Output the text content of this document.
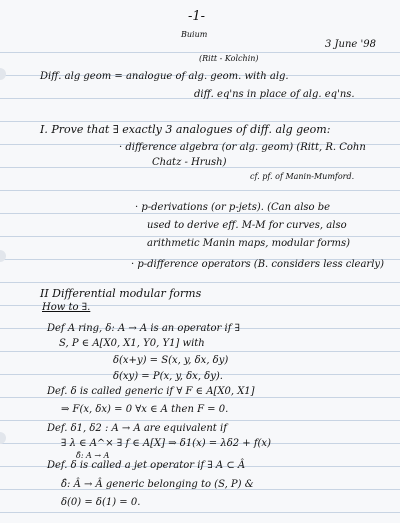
-1-
Buium
3 June '98
(Ritt - Kolchin)
Diff. alg geom = analogue of alg. geom. with alg.
diff. eq'ns in place of alg. eq'ns.
I. Prove that ∃ exactly 3 analogues of diff. alg geom:
· difference algebra (or alg. geom) (Ritt, R. Cohn
Chatz - Hrush)
cf. pf. of Manin-Mumford.
· p-derivations (or p-jets). (Can also be
used to derive eff. M-M for curves, also
arithmetic Manin maps, modular forms)
· p-difference operators (B. considers less clearly)
II Differential modular forms
How to ∃.
Def A ring, δ: A → A is an operator if ∃
S, P ∈ A[X0, X1, Y0, Y1] with
δ(x+y) = S(x, y, δx, δy)
δ(xy) = P(x, y, δx, δy).
Def. δ is called generic if ∀ F ∈ A[X0, X1]
⇒ F(x, δx) = 0 ∀x ∈ A then F = 0.
Def. δ1, δ2 : A → A are equivalent if
∃ λ ∈ A^× ∃ f ∈ A[X] ⇒ δ1(x) = λδ2 + f(x)
δ̂: A → A
Def. δ is called a jet operator if ∃ A ⊂ Â
δ̂: Â → Â generic belonging to (S, P) &
δ(0) = δ(1) = 0.
